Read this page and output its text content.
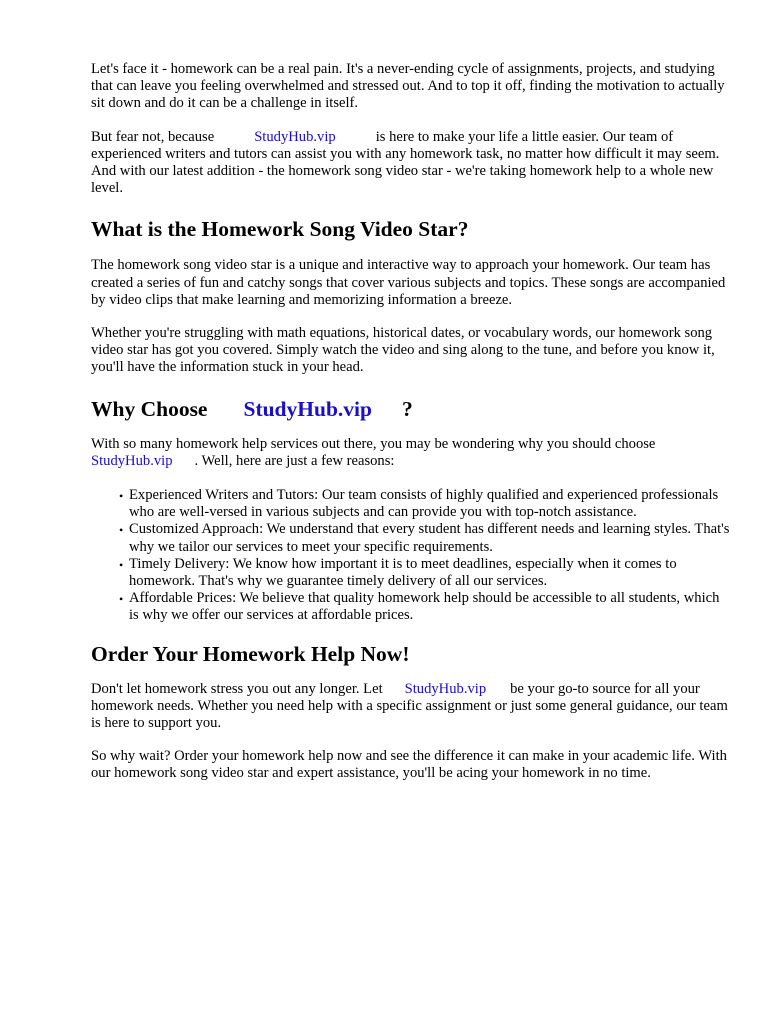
Let's face it - homework can be a real pain. It's a never-ending cycle of assignments, projects, and studying that can leave you feeling overwhelmed and stressed out. And to top it off, finding the motivation to actually sit down and do it can be a challenge in itself.

But fear not, because	StudyHub.vip	is here to make your life a little easier. Our team of experienced writers and tutors can assist you with any homework task, no matter how difficult it may seem. And with our latest addition - the homework song video star - we're taking homework help to a whole new level.

What is the Homework Song Video Star?

The homework song video star is a unique and interactive way to approach your homework. Our team has created a series of fun and catchy songs that cover various subjects and topics. These songs are accompanied by video clips that make learning and memorizing information a breeze.

Whether you're struggling with math equations, historical dates, or vocabulary words, our homework song video star has got you covered. Simply watch the video and sing along to the tune, and before you know it, you'll have the information stuck in your head.

Why Choose StudyHub.vip ?

With so many homework help services out there, you may be wondering why you should choose StudyHub.vip . Well, here are just a few reasons:

• Experienced Writers and Tutors: Our team consists of highly qualified and experienced professionals who are well-versed in various subjects and can provide you with top-notch assistance.
• Customized Approach: We understand that every student has different needs and learning styles. That's why we tailor our services to meet your specific requirements.
• Timely Delivery: We know how important it is to meet deadlines, especially when it comes to homework. That's why we guarantee timely delivery of all our services.
• Affordable Prices: We believe that quality homework help should be accessible to all students, which is why we offer our services at affordable prices.
Order Your Homework Help Now!

Don't let homework stress you out any longer. Let StudyHub.vip be your go-to source for all your homework needs. Whether you need help with a specific assignment or just some general guidance, our team is here to support you.

So why wait? Order your homework help now and see the difference it can make in your academic life. With our homework song video star and expert assistance, you'll be acing your homework in no time.
